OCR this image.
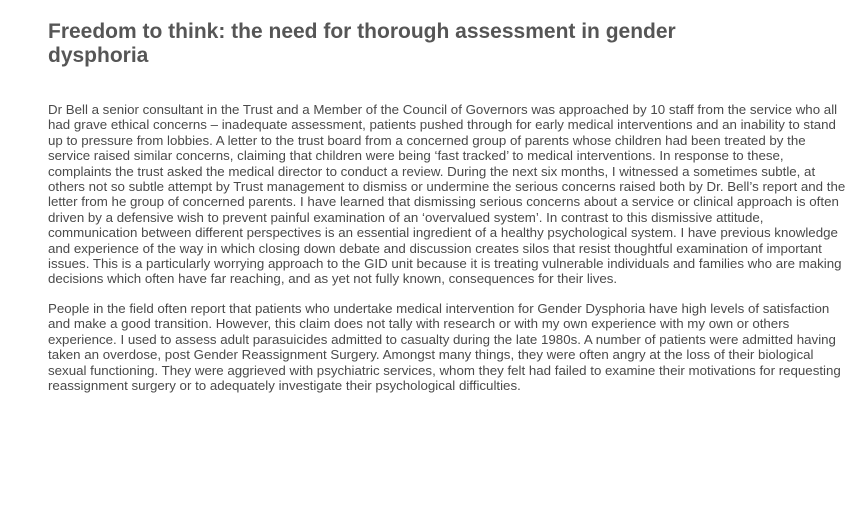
Freedom to think: the need for thorough assessment in gender dysphoria

Dr Bell a senior consultant in the Trust and a Member of the Council of Governors was approached by 10 staff from the service who all had grave ethical concerns – inadequate assessment, patients pushed through for early medical interventions and an inability to stand up to pressure from lobbies. A letter to the trust board from a concerned group of parents whose children had been treated by the service raised similar concerns, claiming that children were being ‘fast tracked’ to medical interventions. In response to these, complaints the trust asked the medical director to conduct a review. During the next six months, I witnessed a sometimes subtle, at others not so subtle attempt by Trust management to dismiss or undermine the serious concerns raised both by Dr. Bell’s report and the letter from he group of concerned parents. I have learned that dismissing serious concerns about a service or clinical approach is often driven by a defensive wish to prevent painful examination of an ‘overvalued system’. In contrast to this dismissive attitude, communication between different perspectives is an essential ingredient of a healthy psychological system. I have previous knowledge and experience of the way in which closing down debate and discussion creates silos that resist thoughtful examination of important issues. This is a particularly worrying approach to the GID unit because it is treating vulnerable individuals and families who are making decisions which often have far reaching, and as yet not fully known, consequences for their lives.

People in the field often report that patients who undertake medical intervention for Gender Dysphoria have high levels of satisfaction and make a good transition. However, this claim does not tally with research or with my own experience with my own or others experience. I used to assess adult parasuicides admitted to casualty during the late 1980s. A number of patients were admitted having taken an overdose, post Gender Reassignment Surgery. Amongst many things, they were often angry at the loss of their biological sexual functioning. They were aggrieved with psychiatric services, whom they felt had failed to examine their motivations for requesting reassignment surgery or to adequately investigate their psychological difficulties.
